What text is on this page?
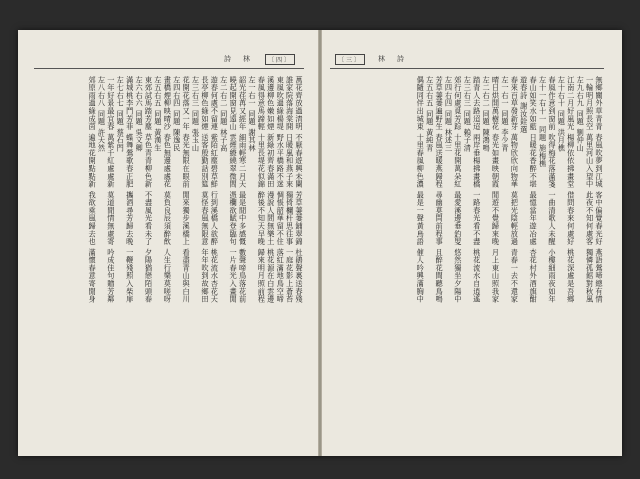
詩 林	〔四〕
萬花齊放過清明 不厭春遊興未闌 芳草萋萋鋪翠錦 杜鵑聲裏送春殘
誰家院落海棠開 日暖風和燕子來 獨倚欄杆思往事 一庭花影上蒼苔
東風吹過綠楊堤 野水平橋路不迷 惆悵韶華留不住 落紅滿地鳥空啼
溪邊柳色嫩如煙 新綠初齊春滿田 漫說人間無樂土 桃花源在白雲邊
春風得意馬蹄輕 十里長堤花似錦 醉後不知天早晚 歸來明月照前程
左一右一 同題 謝其林
韶光荏苒又經年 細雨輕寒二月天 最是閒中多感慨 數聲啼鳥落花前
曉起開窗見遠山 雲煙繚繞翠微間 憑欄欲賦登臨句 一片春光入畫閒
左二右二 同題 林子高
遊春何處不留連 紫陌紅塵碧草鮮 行到溪橋人欲醉 桃花流水杏花天
長亭柳色綠如煙 送客殷勤話別筵 莫怪春風無限意 年年吹到故鄉田
左三右三 同題 張玉山
花開花落又一年 春光無限在眼前 閒來獨步溪橋上 看盡青山與白川
左四右四 同題 陳逸民
畫橋煙柳映晴沙 春色無邊處處花 莫負良辰須醉飲 人生行樂莫嗟呀
左五右五 同題 黃漢生
東郊試馬踏芳塵 草色青青柳色新 不盡風光看未了 夕陽猶戀陌頭春
左六右六 同題 吳文卿
滿城桃李鬥芳菲 蝶舞鶯歌春正肥 攜酒尋芳歸去晚 一鞭殘照入柴扉
左七右七 同題 蔡石門
一年好景最宜春 萬紫千紅處處新 莫道閒情無處寄 吟成佳句贈芳鄰
左八右八 同題 許天然
郊原雨過綠成茵 遍地花開點點新 我欲乘風歸去也 滿懷春意寄閒身
〔三〕	林 詩
無鄉關外草青青 春風吹夢到江城 客中偏覺春光好 燕語鶯啼總有情
一輪明月照長空 萬里河山入望中 此夜不知何處客 獨憐孤館對秋風
左九右九 同題 劉仲山
江南二月好風光 楊柳依依拂畫堂 借問春來何處好 桃花深處是吾鄉
左十右十 同題 洪月樵
春風作意到窗前 吹得梅花落滿箋 一曲清歌人未醒 小樓細雨夜如年
左十一右十一 同題 施梅樵
春山如笑水如藍 日暖花香醉不堪 最憶當年遊冶處 杏花村外酒旗酣
遊春詩 謝汝銓選
春來百草發新芽 萬物欣欣向物華 莫把光陰輕放過 青春一去不還家
左一右一 同題 李少青
晴日烘開萬樹花 春光如畫映朝霞 閒遊不覺歸來晚 月上東山照我家
左二右二 同題 陳鴻鳴
踏青人去路迢迢 兩岸垂楊拂畫橋 一路春光看不盡 桃花流水自逍遙
左三右三 同題 賴子清
郊行何處覓芳踪 十里花開萬朵紅 最愛溪邊垂釣叟 悠然獨坐夕陽中
左四右四 同題 林述三
芳草萋萋遍野生 春風送暖燕歸程 尋幽莫問前程事 且醉花間聽鳥鳴
左五右五 同題 黃純青
偶隨同伴出城東 十里春風柳色濃 最是一聲黃鳥語 催人吟興滿胸中
